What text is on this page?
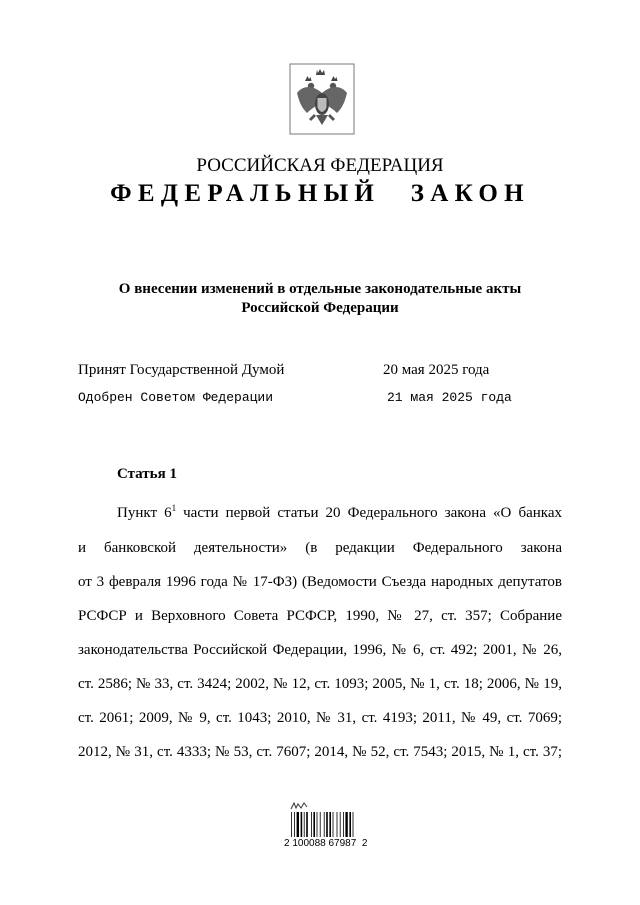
РОССИЙСКАЯ ФЕДЕРАЦИЯ
ФЕДЕРАЛЬНЫЙ ЗАКОН
О внесении изменений в отдельные законодательные акты
Российской Федерации
Принят Государственной Думой	20 мая 2025 года
Одобрен Советом Федерации	21 мая 2025 года
Статья 1
Пункт $6^1$ части первой статьи 20 Федерального закона «О банках
и банковской деятельности» (в редакции Федерального закона
от 3 февраля 1996 года № 17-ФЗ) (Ведомости Съезда народных депутатов
РСФСР и Верховного Совета РСФСР, 1990, № 27, ст. 357; Собрание
законодательства Российской Федерации, 1996, № 6, ст. 492; 2001, № 26,
ст. 2586; № 33, ст. 3424; 2002, № 12, ст. 1093; 2005, № 1, ст. 18; 2006, № 19,
ст. 2061; 2009, № 9, ст. 1043; 2010, № 31, ст. 4193; 2011, № 49, ст. 7069;
2012, № 31, ст. 4333; № 53, ст. 7607; 2014, № 52, ст. 7543; 2015, № 1, ст. 37;
2 100088 67987  2
